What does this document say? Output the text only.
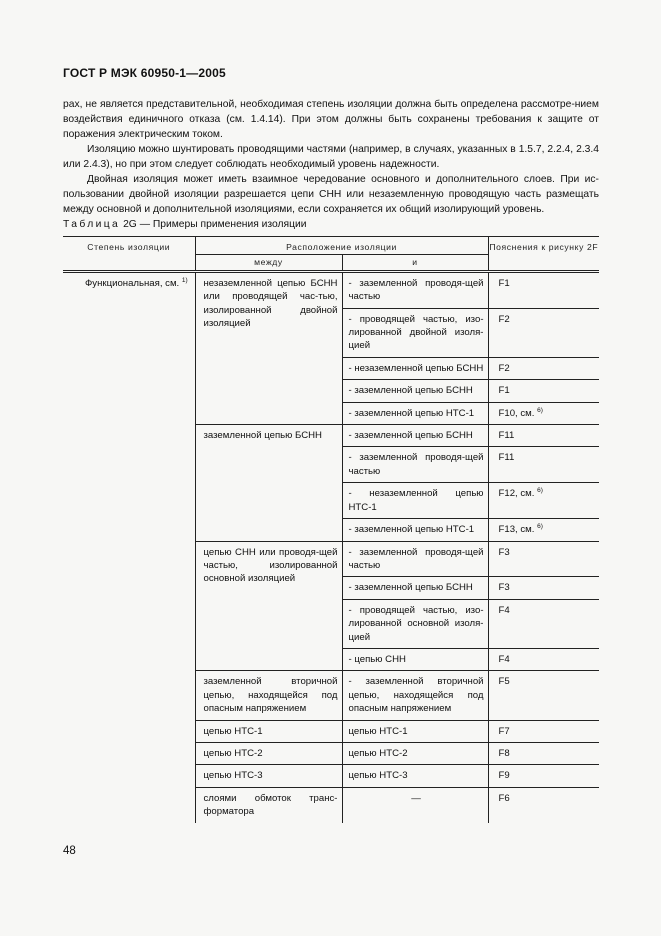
ГОСТ Р МЭК 60950-1—2005

рах, не является представительной, необходимая степень изоляции должна быть определена рассмотре-нием воздействия единичного отказа (см. 1.4.14). При этом должны быть сохранены требования к защите от поражения электрическим током.

Изоляцию можно шунтировать проводящими частями (например, в случаях, указанных в 1.5.7, 2.2.4, 2.3.4 или 2.4.3), но при этом следует соблюдать необходимый уровень надежности.

Двойная изоляция может иметь взаимное чередование основного и дополнительного слоев. При ис-пользовании двойной изоляции разрешается цепи СНН или незаземленную проводящую часть размещать между основной и дополнительной изоляциями, если сохраняется их общий изолирующий уровень.

Таблица 2G — Примеры применения изоляции
Степень изоляции	Расположение изоляции		Пояснения к рисунку 2F
	между	и	
Функциональная, см. $^{1)}$	незаземленной цепью БСНН или проводящей час-тью, изолированной двойной изоляцией	- заземленной проводя-щей частью	F1
		- проводящей частью, изо-лированной двойной изоля-цией	F2
		- незаземленной цепью БСНН	F2
		- заземленной цепью БСНН	F1
		- заземленной цепью НТС-1	F10, см. $^{6)}$
	заземленной цепью БСНН	- заземленной цепью БСНН	F11
		- заземленной проводя-щей частью	F11
		- незаземленной цепью НТС-1	F12, см. $^{6)}$
		- заземленной цепью НТС-1	F13, см. $^{6)}$
	цепью СНН или проводя-щей частью, изолированной основной изоляцией	- заземленной проводя-щей частью	F3
		- заземленной цепью БСНН	F3
		- проводящей частью, изо-лированной основной изоля-цией	F4
		- цепью СНН	F4
	заземленной вторичной цепью, находящейся под опасным напряжением	- заземленной вторичной цепью, находящейся под опасным напряжением	F5
	цепью НТС-1	цепью НТС-1	F7
	цепью НТС-2	цепью НТС-2	F8
	цепью НТС-3	цепью НТС-3	F9
	слоями обмоток транс-форматора	—	F6
48
